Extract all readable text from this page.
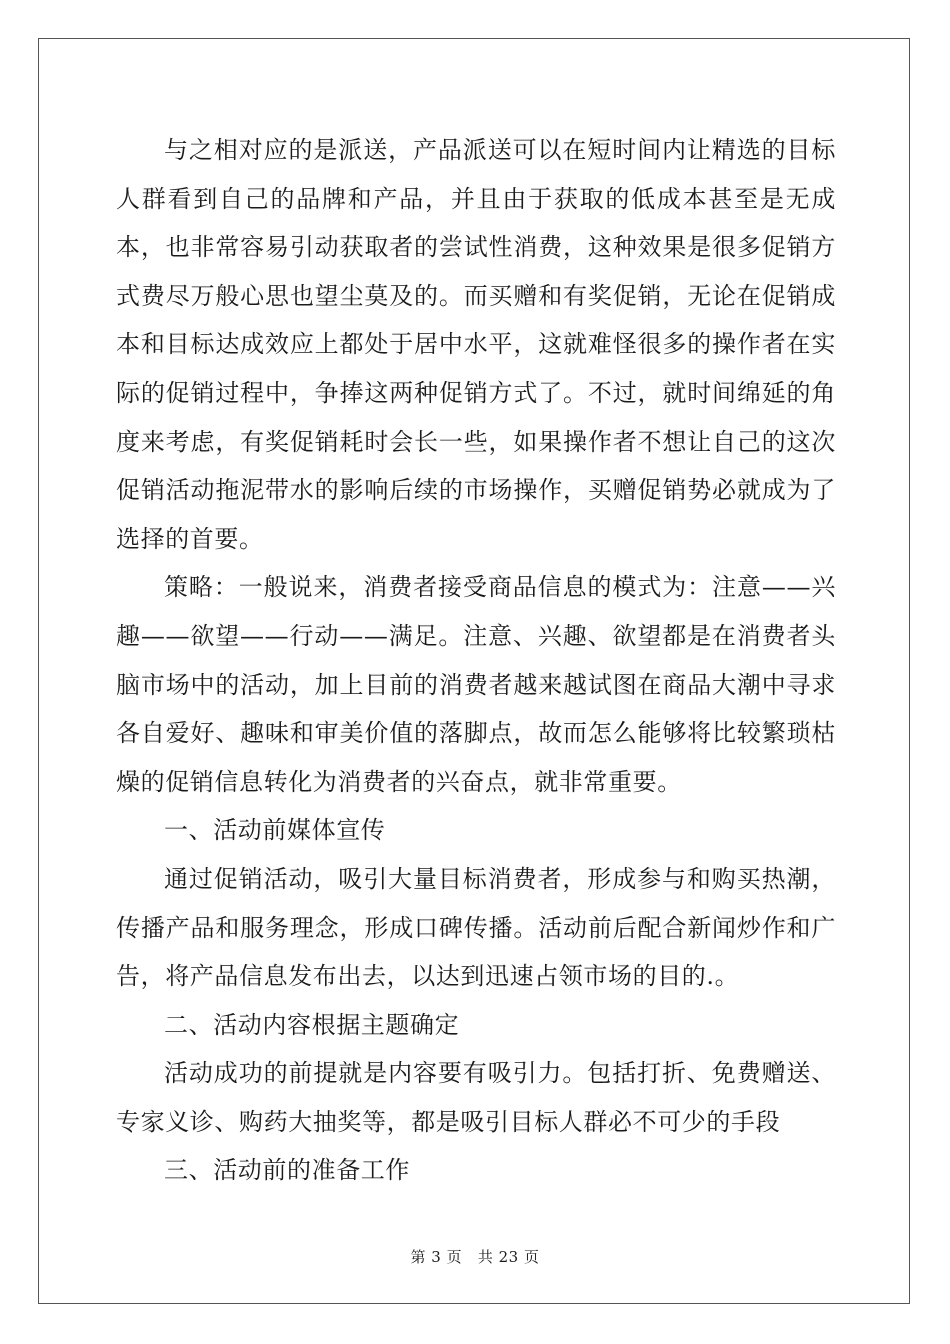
与之相对应的是派送，产品派送可以在短时间内让精选的目标人群看到自己的品牌和产品，并且由于获取的低成本甚至是无成本，也非常容易引动获取者的尝试性消费，这种效果是很多促销方式费尽万般心思也望尘莫及的。而买赠和有奖促销，无论在促销成本和目标达成效应上都处于居中水平，这就难怪很多的操作者在实际的促销过程中，争捧这两种促销方式了。不过，就时间绵延的角度来考虑，有奖促销耗时会长一些，如果操作者不想让自己的这次促销活动拖泥带水的影响后续的市场操作，买赠促销势必就成为了选择的首要。

策略：一般说来，消费者接受商品信息的模式为：注意——兴趣——欲望——行动——满足。注意、兴趣、欲望都是在消费者头脑市场中的活动，加上目前的消费者越来越试图在商品大潮中寻求各自爱好、趣味和审美价值的落脚点，故而怎么能够将比较繁琐枯燥的促销信息转化为消费者的兴奋点，就非常重要。

一、活动前媒体宣传

通过促销活动，吸引大量目标消费者，形成参与和购买热潮，传播产品和服务理念，形成口碑传播。活动前后配合新闻炒作和广告，将产品信息发布出去，以达到迅速占领市场的目的.。

二、活动内容根据主题确定

活动成功的前提就是内容要有吸引力。包括打折、免费赠送、专家义诊、购药大抽奖等，都是吸引目标人群必不可少的手段

三、活动前的准备工作

第 3 页   共 23 页
